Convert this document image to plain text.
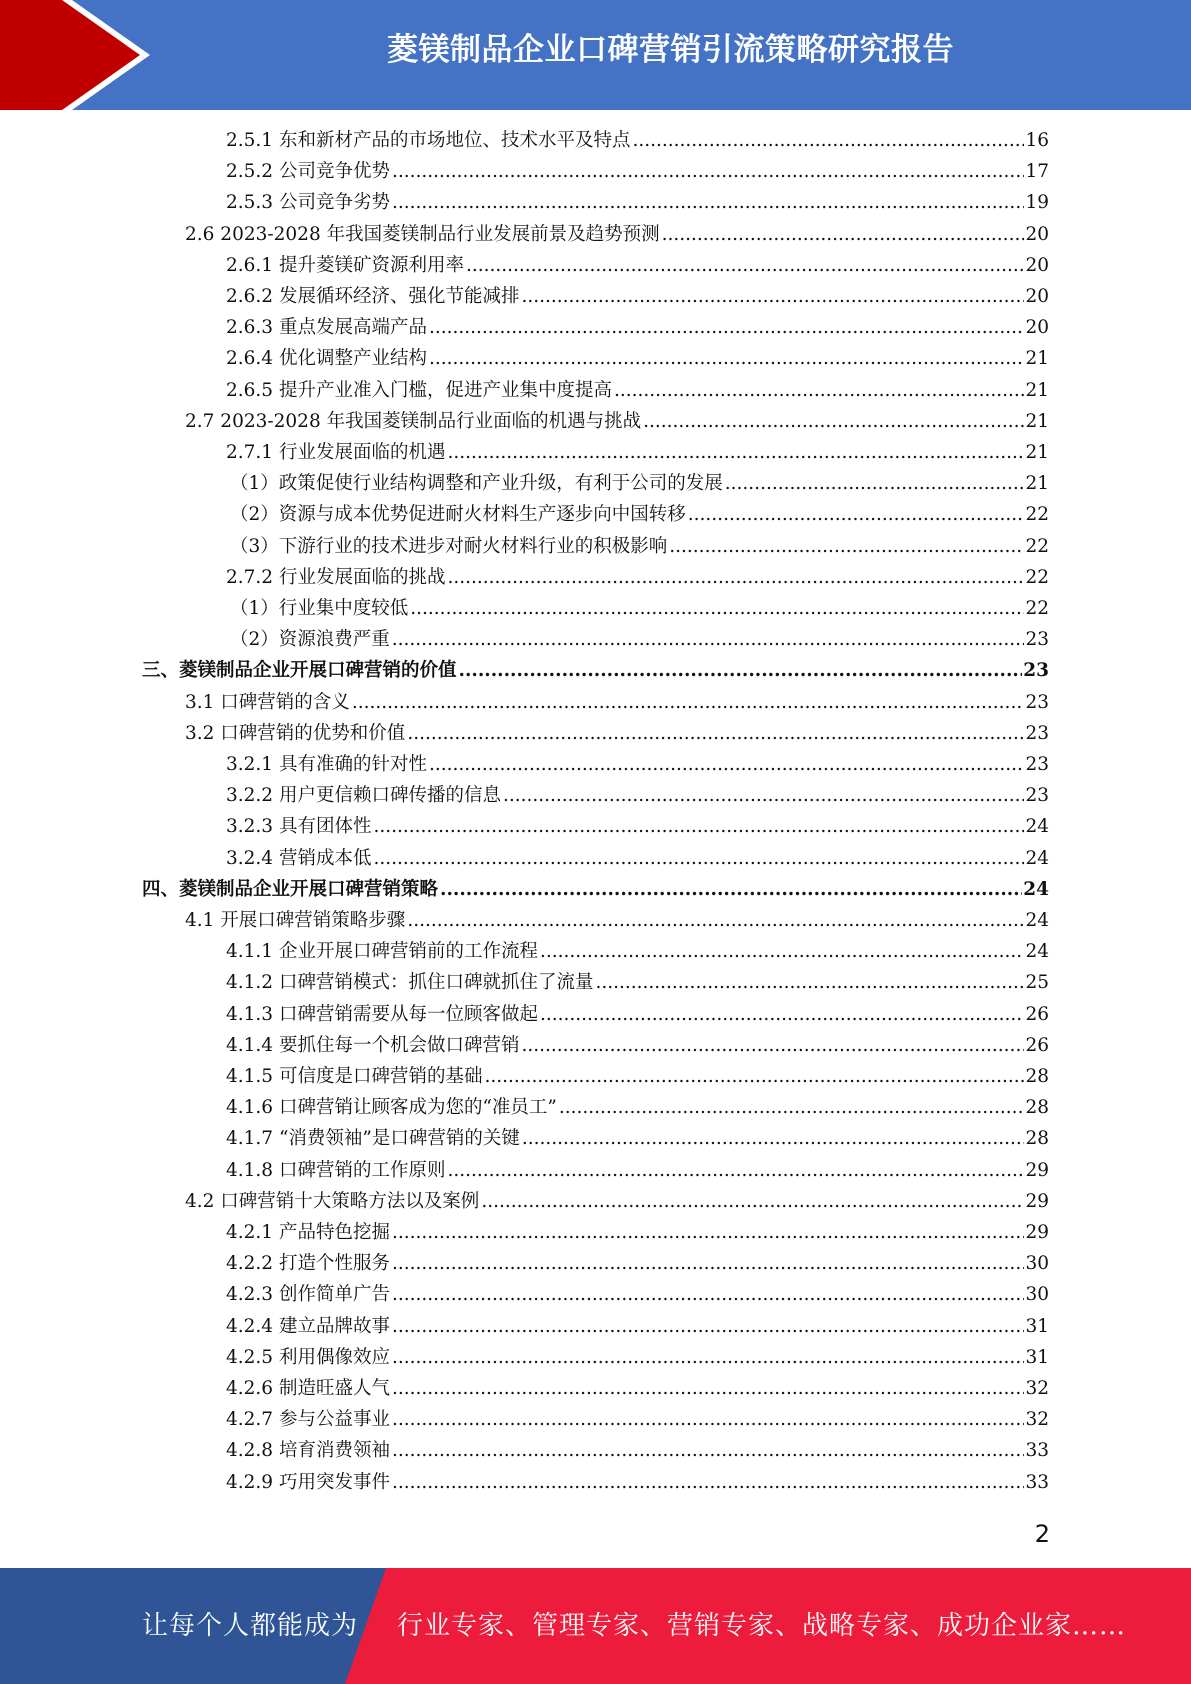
菱镁制品企业口碑营销引流策略研究报告
2.5.1 东和新材产品的市场地位、技术水平及特点 .....	16
2.5.2 公司竞争优势 .....	17
2.5.3 公司竞争劣势 .....	19
2.6 2023-2028 年我国菱镁制品行业发展前景及趋势预测 .....	20
2.6.1 提升菱镁矿资源利用率 .....	20
2.6.2 发展循环经济、强化节能减排 .....	20
2.6.3 重点发展高端产品 .....	20
2.6.4 优化调整产业结构 .....	21
2.6.5 提升产业准入门槛，促进产业集中度提高 .....	21
2.7 2023-2028 年我国菱镁制品行业面临的机遇与挑战 .....	21
2.7.1 行业发展面临的机遇 .....	21
（1）政策促使行业结构调整和产业升级，有利于公司的发展 .....	21
（2）资源与成本优势促进耐火材料生产逐步向中国转移 .....	22
（3）下游行业的技术进步对耐火材料行业的积极影响 .....	22
2.7.2 行业发展面临的挑战 .....	22
（1）行业集中度较低 .....	22
（2）资源浪费严重 .....	23
三、菱镁制品企业开展口碑营销的价值 .....	23
3.1 口碑营销的含义 .....	23
3.2 口碑营销的优势和价值 .....	23
3.2.1 具有准确的针对性 .....	23
3.2.2 用户更信赖口碑传播的信息 .....	23
3.2.3 具有团体性 .....	24
3.2.4 营销成本低 .....	24
四、菱镁制品企业开展口碑营销策略 .....	24
4.1 开展口碑营销策略步骤 .....	24
4.1.1 企业开展口碑营销前的工作流程 .....	24
4.1.2 口碑营销模式：抓住口碑就抓住了流量 .....	25
4.1.3 口碑营销需要从每一位顾客做起 .....	26
4.1.4 要抓住每一个机会做口碑营销 .....	26
4.1.5 可信度是口碑营销的基础 .....	28
4.1.6 口碑营销让顾客成为您的“准员工” .....	28
4.1.7 “消费领袖”是口碑营销的关键 .....	28
4.1.8 口碑营销的工作原则 .....	29
4.2 口碑营销十大策略方法以及案例 .....	29
4.2.1 产品特色挖掘 .....	29
4.2.2 打造个性服务 .....	30
4.2.3 创作简单广告 .....	30
4.2.4 建立品牌故事 .....	31
4.2.5 利用偶像效应 .....	31
4.2.6 制造旺盛人气 .....	32
4.2.7 参与公益事业 .....	32
4.2.8 培育消费领袖 .....	33
4.2.9 巧用突发事件 .....	33
2
让每个人都能成为 行业专家、管理专家、营销专家、战略专家、成功企业家……
